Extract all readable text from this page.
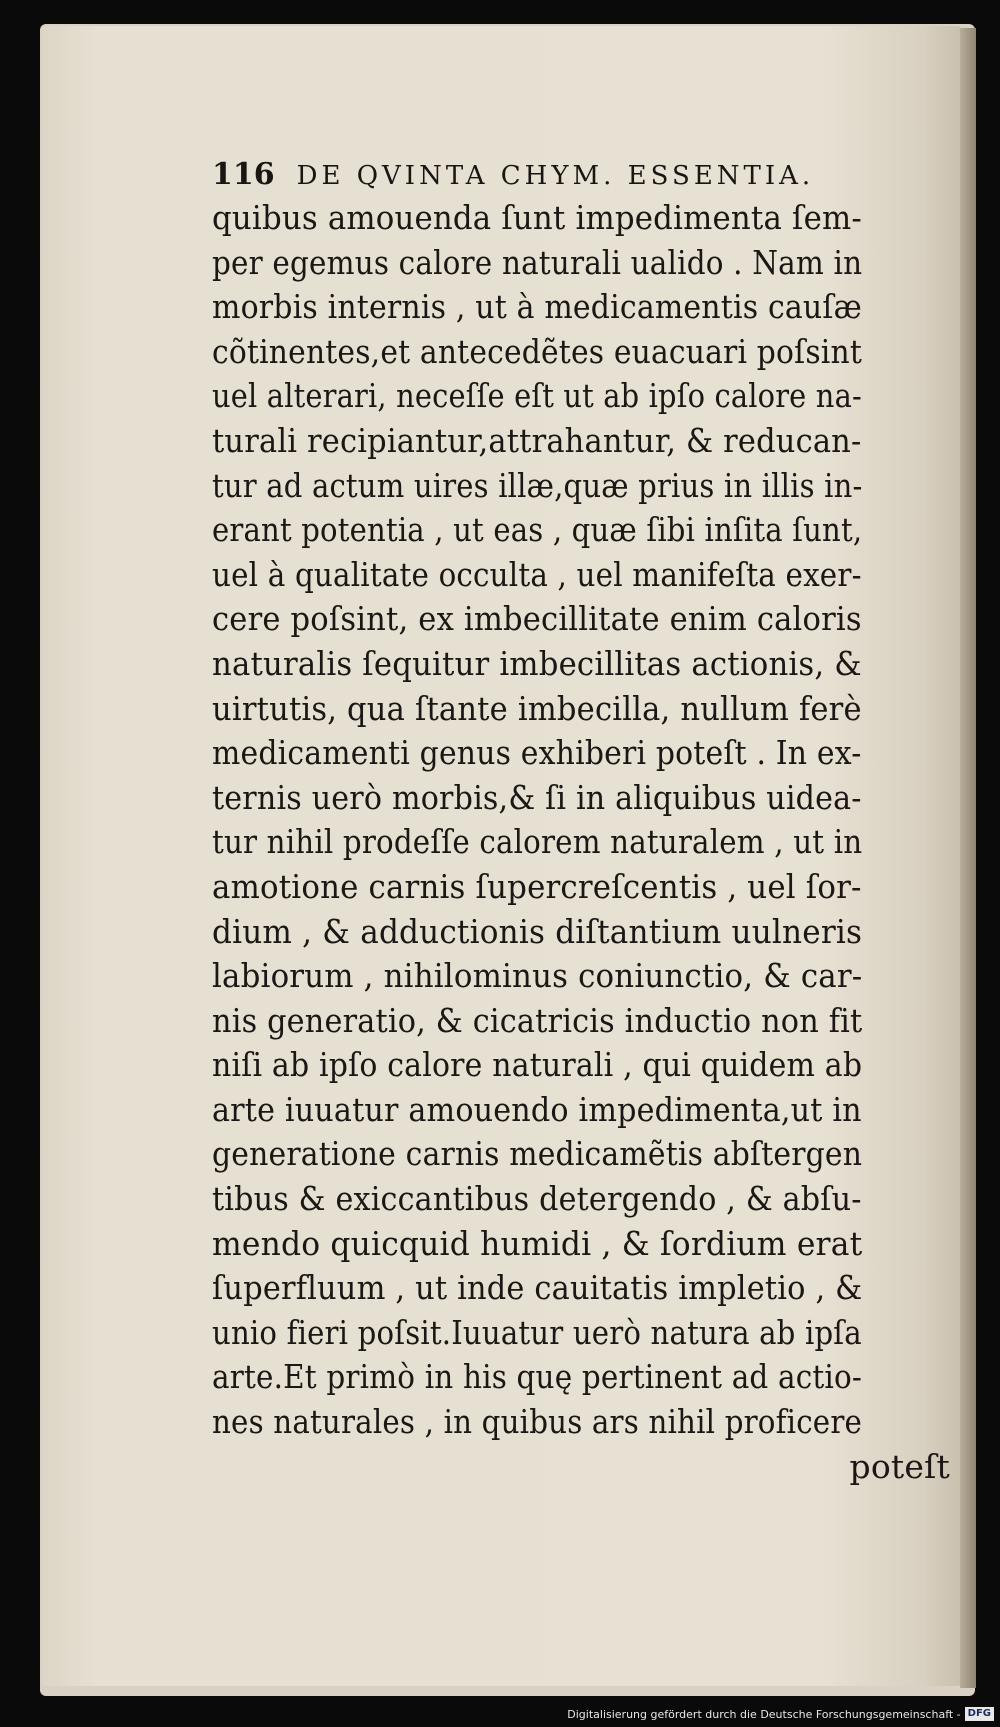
116 DE QVINTA CHYM. ESSENTIA.
quibus amouenda ſunt impedimenta ſem-
per egemus calore naturali ualido . Nam in
morbis internis , ut à medicamentis cauſæ
cõtinentes,et antecedẽtes euacuari poſsint
uel alterari, neceſſe eſt ut ab ipſo calore na-
turali recipiantur,attrahantur, & reducan-
tur ad actum uires illæ,quæ prius in illis in-
erant potentia , ut eas , quæ ſibi inſita ſunt,
uel à qualitate occulta , uel manifeſta exer-
cere poſsint, ex imbecillitate enim caloris
naturalis ſequitur imbecillitas actionis, &
uirtutis, qua ſtante imbecilla, nullum ferè
medicamenti genus exhiberi poteſt . In ex-
ternis uerò morbis,& ſi in aliquibus uidea-
tur nihil prodeſſe calorem naturalem , ut in
amotione carnis ſupercreſcentis , uel ſor-
dium , & adductionis diſtantium uulneris
labiorum , nihilominus coniunctio, & car-
nis generatio, & cicatricis inductio non fit
niſi ab ipſo calore naturali , qui quidem ab
arte iuuatur amouendo impedimenta,ut in
generatione carnis medicamẽtis abſtergen
tibus & exiccantibus detergendo , & abſu-
mendo quicquid humidi , & ſordium erat
ſuperfluum , ut inde cauitatis impletio , &
unio fieri poſsit.Iuuatur uerò natura ab ipſa
arte.Et primò in his quę pertinent ad actio-
nes naturales , in quibus ars nihil proficere
poteſt
Digitalisierung gefördert durch die Deutsche Forschungsgemeinschaft - DFG
